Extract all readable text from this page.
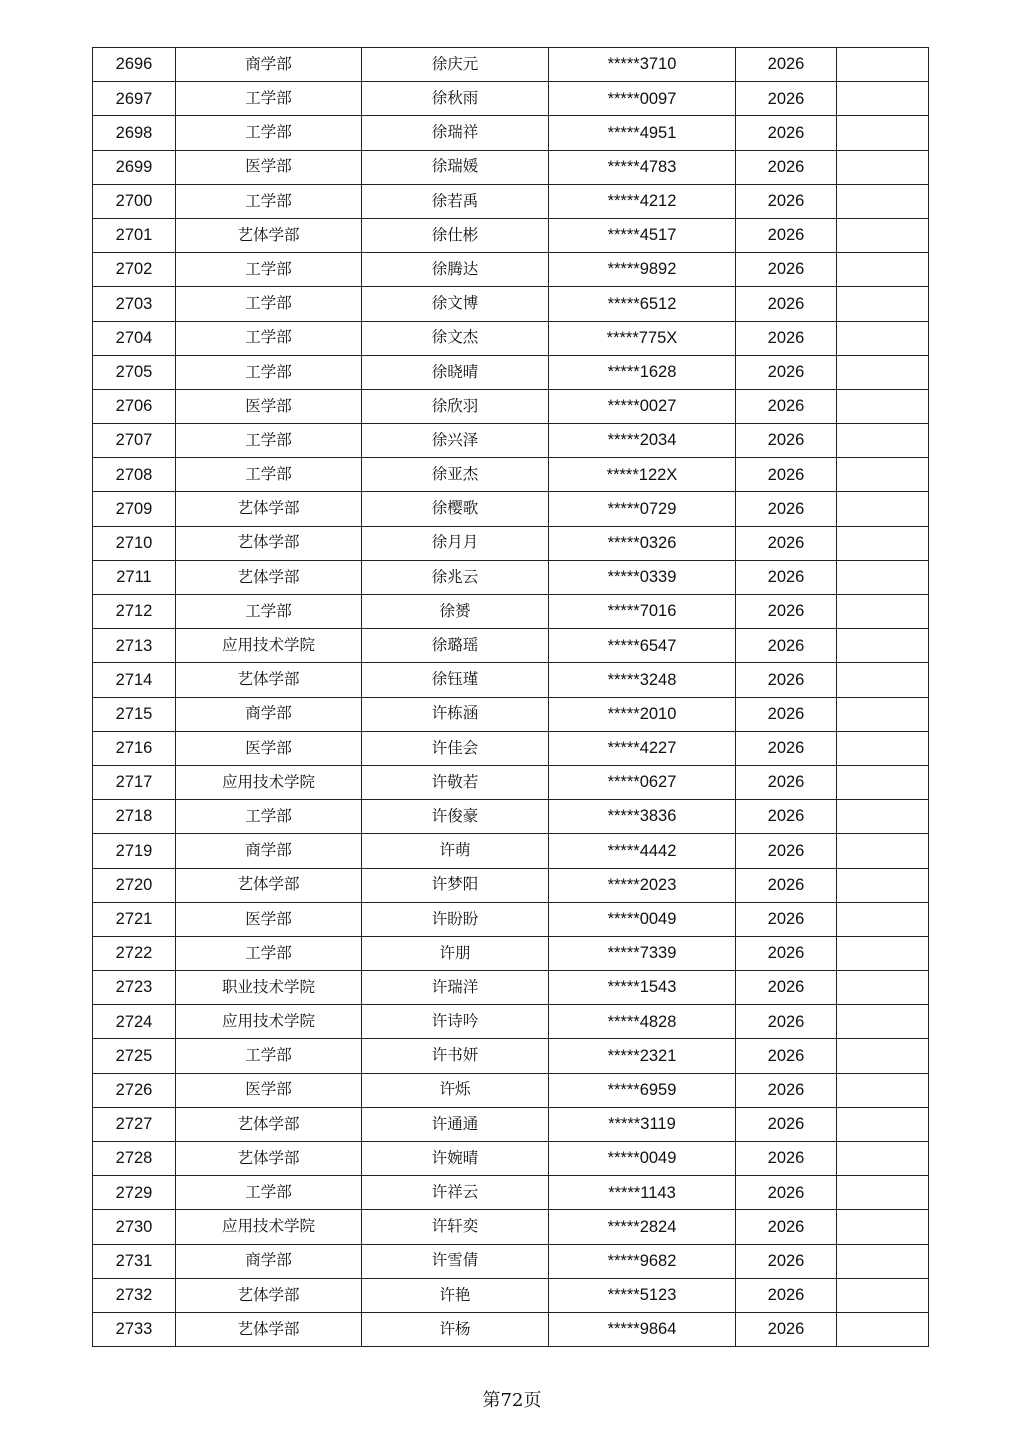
2696	商学部	徐庆元	*****3710	2026	
2697	工学部	徐秋雨	*****0097	2026	
2698	工学部	徐瑞祥	*****4951	2026	
2699	医学部	徐瑞媛	*****4783	2026	
2700	工学部	徐若禹	*****4212	2026	
2701	艺体学部	徐仕彬	*****4517	2026	
2702	工学部	徐腾达	*****9892	2026	
2703	工学部	徐文博	*****6512	2026	
2704	工学部	徐文杰	*****775X	2026	
2705	工学部	徐晓晴	*****1628	2026	
2706	医学部	徐欣羽	*****0027	2026	
2707	工学部	徐兴泽	*****2034	2026	
2708	工学部	徐亚杰	*****122X	2026	
2709	艺体学部	徐樱歌	*****0729	2026	
2710	艺体学部	徐月月	*****0326	2026	
2711	艺体学部	徐兆云	*****0339	2026	
2712	工学部	徐赟	*****7016	2026	
2713	应用技术学院	徐璐瑶	*****6547	2026	
2714	艺体学部	徐钰瑾	*****3248	2026	
2715	商学部	许栋涵	*****2010	2026	
2716	医学部	许佳会	*****4227	2026	
2717	应用技术学院	许敬若	*****0627	2026	
2718	工学部	许俊豪	*****3836	2026	
2719	商学部	许萌	*****4442	2026	
2720	艺体学部	许梦阳	*****2023	2026	
2721	医学部	许盼盼	*****0049	2026	
2722	工学部	许朋	*****7339	2026	
2723	职业技术学院	许瑞洋	*****1543	2026	
2724	应用技术学院	许诗吟	*****4828	2026	
2725	工学部	许书妍	*****2321	2026	
2726	医学部	许烁	*****6959	2026	
2727	艺体学部	许通通	*****3119	2026	
2728	艺体学部	许婉晴	*****0049	2026	
2729	工学部	许祥云	*****1143	2026	
2730	应用技术学院	许轩奕	*****2824	2026	
2731	商学部	许雪倩	*****9682	2026	
2732	艺体学部	许艳	*****5123	2026	
2733	艺体学部	许杨	*****9864	2026	
第72页
